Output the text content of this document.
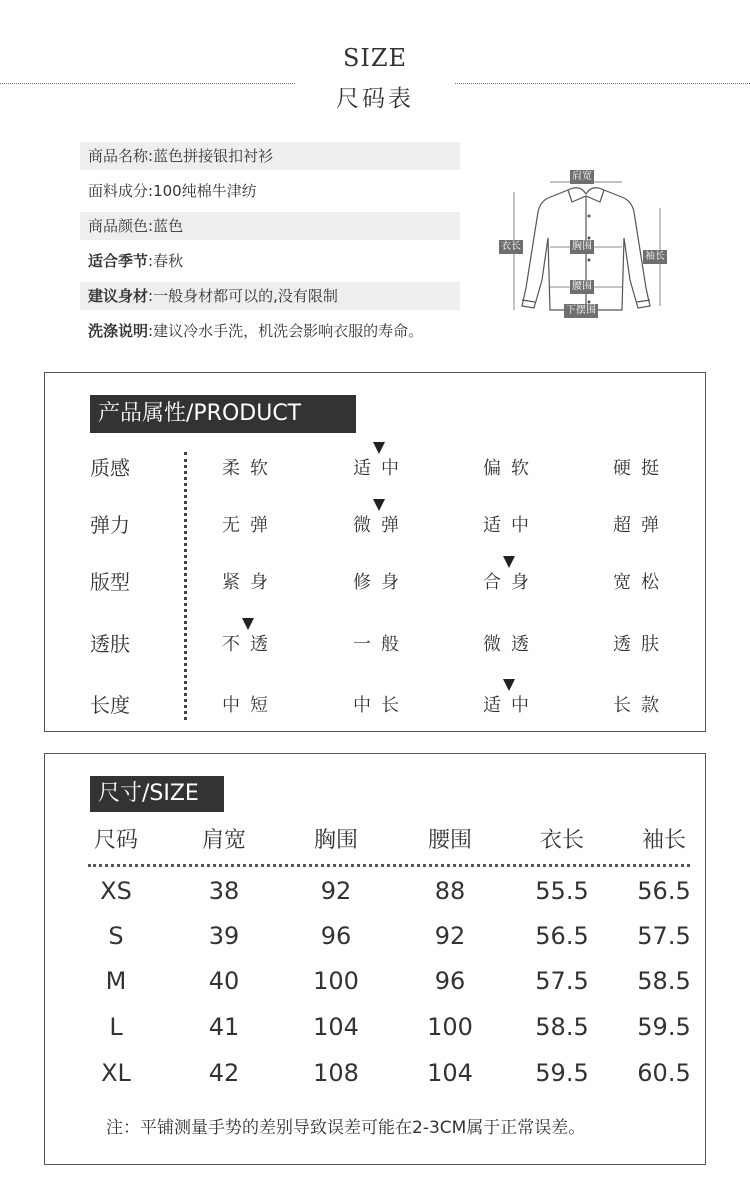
SIZE
尺码表
商品名称:蓝色拼接银扣衬衫
面料成分:100纯棉牛津纺
商品颜色:蓝色
适合季节:春秋
建议身材:一般身材都可以的,没有限制
洗涤说明:建议冷水手洗，机洗会影响衣服的寿命。
肩宽
衣长	胸围
腰围
下摆围
袖长
产品属性/PRODUCT
质感	柔软	适中	偏软	硬挺
弹力	无弹	微弹	适中	超弹
版型	紧身	修身	合身	宽松
透肤	不透	一般	微透	透肤
长度	中短	中长	适中	长款
尺寸/SIZE
尺码	肩宽	胸围	腰围	衣长	袖长
XS	38	92	88	55.5	56.5
S	39	96	92	56.5	57.5
M	40	100	96	57.5	58.5
L	41	104	100	58.5	59.5
XL	42	108	104	59.5	60.5
注：平铺测量手势的差别导致误差可能在2-3CM属于正常误差。
